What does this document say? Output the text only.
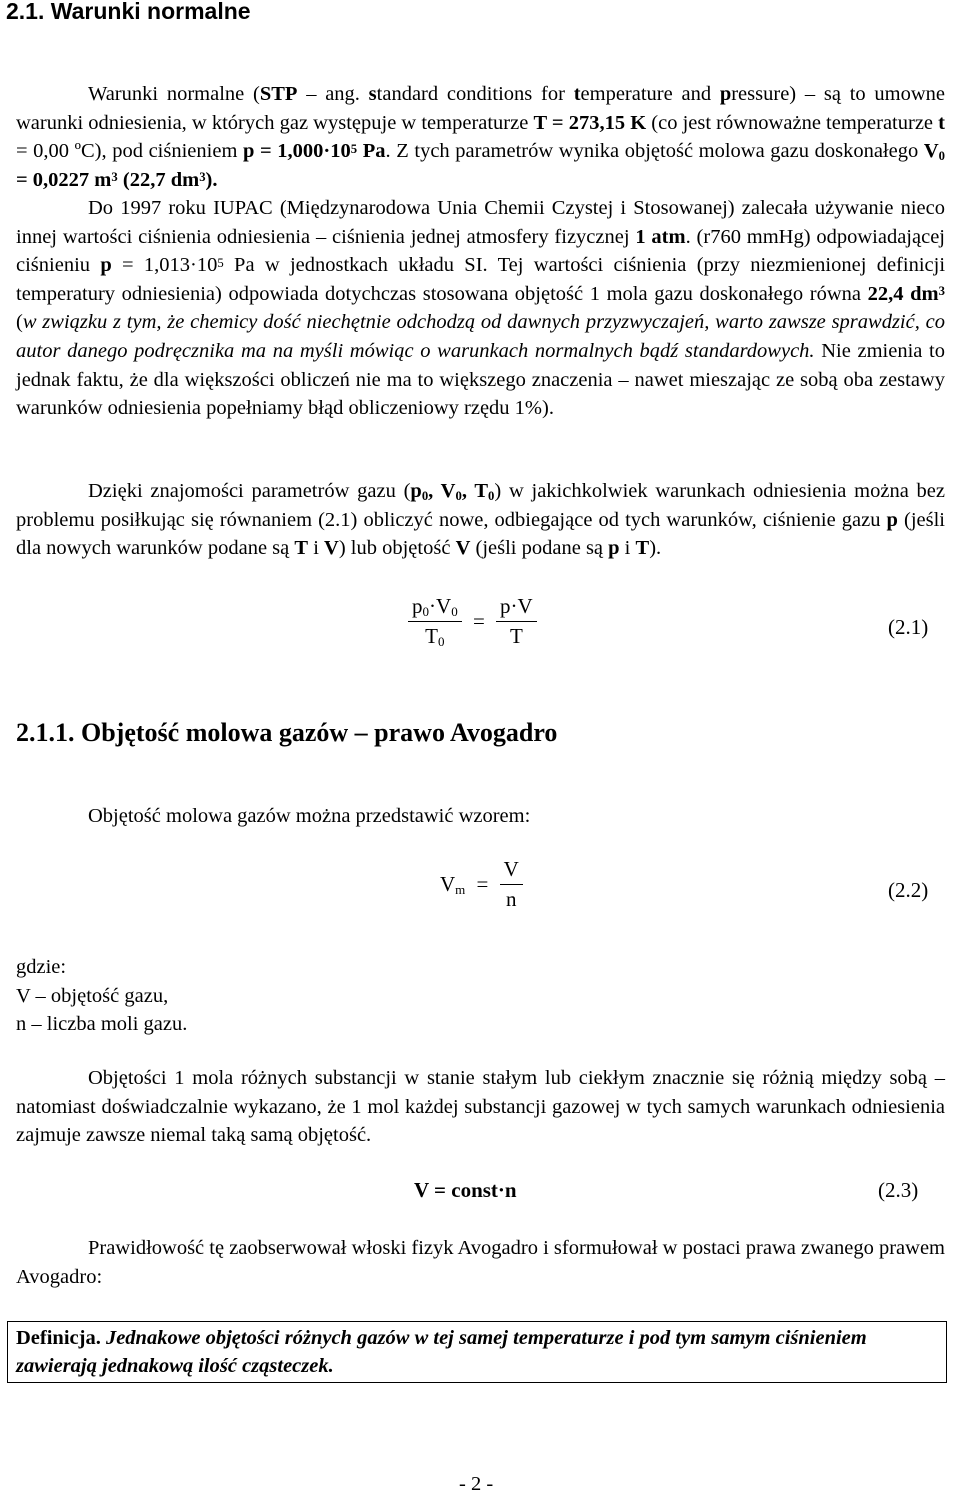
2.1. Warunki normalne

Warunki normalne (STP – ang. standard conditions for temperature and pressure) – są to umowne warunki odniesienia, w których gaz występuje w temperaturze T = 273,15 K (co jest równoważne temperaturze t = 0,00 ºC), pod ciśnieniem $p = 1,000\cdot 10^5$ Pa. Z tych parametrów wynika objętość molowa gazu doskonałego $V_0 = 0,0227$ $m^3$ (22,7 $dm^3$).

Do 1997 roku IUPAC (Międzynarodowa Unia Chemii Czystej i Stosowanej) zalecała używanie nieco innej wartości ciśnienia odniesienia – ciśnienia jednej atmosfery fizycznej 1 atm. (r760 mmHg) odpowiadającej ciśnieniu $p = 1,013\cdot 10^5$ Pa w jednostkach układu SI. Tej wartości ciśnienia (przy niezmienionej definicji temperatury odniesienia) odpowiada dotychczas stosowana objętość 1 mola gazu doskonałego równa 22,4 $dm^3$ (w związku z tym, że chemicy dość niechętnie odchodzą od dawnych przyzwyczajeń, warto zawsze sprawdzić, co autor danego podręcznika ma na myśli mówiąc o warunkach normalnych bądź standardowych. Nie zmienia to jednak faktu, że dla większości obliczeń nie ma to większego znaczenia – nawet mieszając ze sobą oba zestawy warunków odniesienia popełniamy błąd obliczeniowy rzędu 1%).

Dzięki znajomości parametrów gazu ($p_0$, $V_0$, $T_0$) w jakichkolwiek warunkach odniesienia można bez problemu posiłkując się równaniem (2.1) obliczyć nowe, odbiegające od tych warunków, ciśnienie gazu p (jeśli dla nowych warunków podane są T i V) lub objętość V (jeśli podane są p i T).

$\frac{p_0\cdot V_0}{T_0} = \frac{p\cdot V}{T}$	(2.1)
2.1.1. Objętość molowa gazów – prawo Avogadro

Objętość molowa gazów można przedstawić wzorem:

$V_m = \frac{V}{n}$	(2.2)
gdzie:
V – objętość gazu,
n – liczba moli gazu.

Objętości 1 mola różnych substancji w stanie stałym lub ciekłym znacznie się różnią między sobą – natomiast doświadczalnie wykazano, że 1 mol każdej substancji gazowej w tych samych warunkach odniesienia zajmuje zawsze niemal taką samą objętość.

V = const·n	(2.3)

Prawidłowość tę zaobserwował włoski fizyk Avogadro i sformułował w postaci prawa zwanego prawem Avogadro:

Definicja. Jednakowe objętości różnych gazów w tej samej temperaturze i pod tym samym ciśnieniem zawierają jednakową ilość cząsteczek.
- 2 -
